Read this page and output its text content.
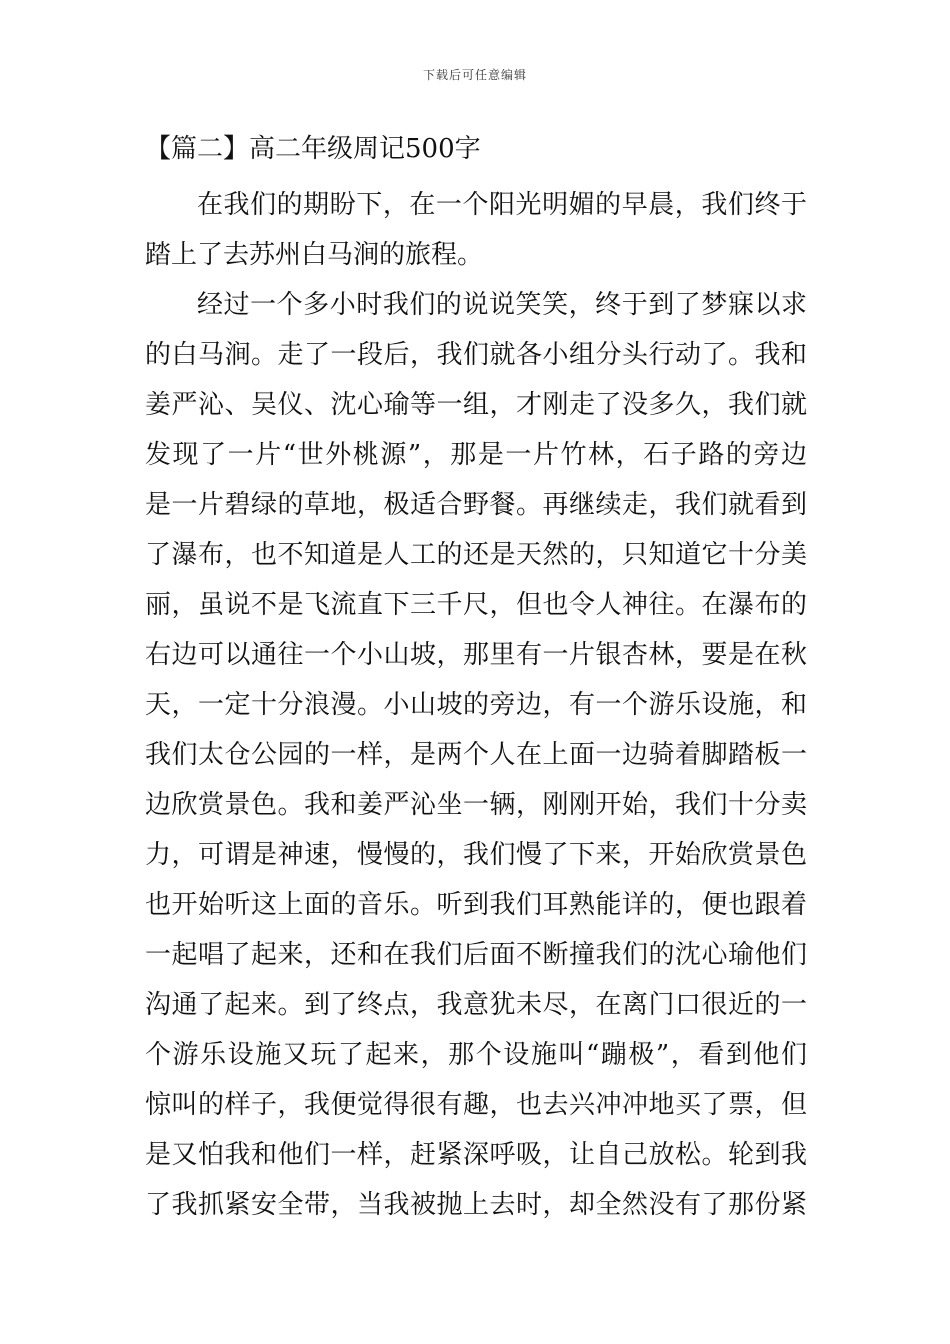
下载后可任意编辑
【篇二】高二年级周记500字
在我们的期盼下，在一个阳光明媚的早晨，我们终于
踏上了去苏州白马涧的旅程。
经过一个多小时我们的说说笑笑，终于到了梦寐以求
的白马涧。走了一段后，我们就各小组分头行动了。我和
姜严沁、吴仪、沈心瑜等一组，才刚走了没多久，我们就
发现了一片“世外桃源”，那是一片竹林，石子路的旁边
是一片碧绿的草地，极适合野餐。再继续走，我们就看到
了瀑布，也不知道是人工的还是天然的，只知道它十分美
丽，虽说不是飞流直下三千尺，但也令人神往。在瀑布的
右边可以通往一个小山坡，那里有一片银杏林，要是在秋
天，一定十分浪漫。小山坡的旁边，有一个游乐设施，和
我们太仓公园的一样，是两个人在上面一边骑着脚踏板一
边欣赏景色。我和姜严沁坐一辆，刚刚开始，我们十分卖
力，可谓是神速，慢慢的，我们慢了下来，开始欣赏景色
也开始听这上面的音乐。听到我们耳熟能详的，便也跟着
一起唱了起来，还和在我们后面不断撞我们的沈心瑜他们
沟通了起来。到了终点，我意犹未尽，在离门口很近的一
个游乐设施又玩了起来，那个设施叫“蹦极”，看到他们
惊叫的样子，我便觉得很有趣，也去兴冲冲地买了票，但
是又怕我和他们一样，赶紧深呼吸，让自己放松。轮到我
了我抓紧安全带，当我被抛上去时，却全然没有了那份紧
